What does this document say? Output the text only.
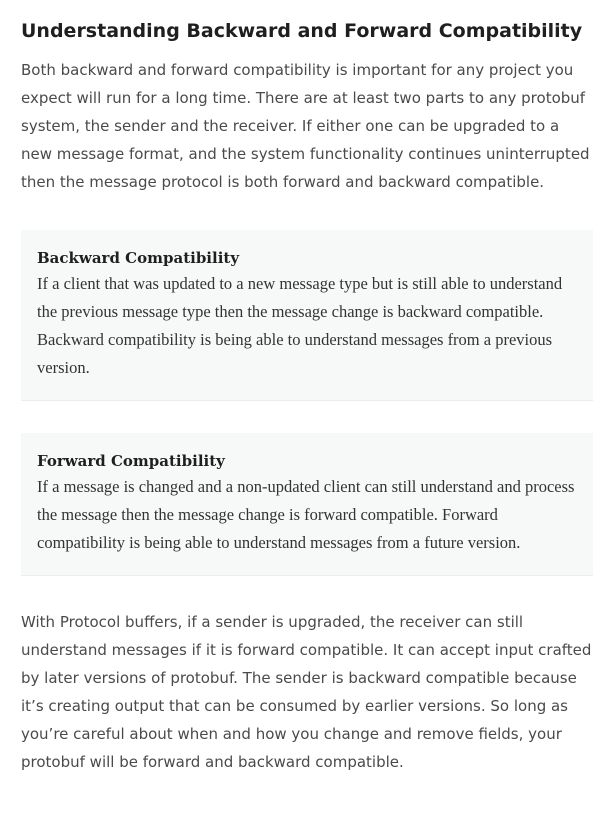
Understanding Backward and Forward Compatibility

Both backward and forward compatibility is important for any project you expect will run for a long time. There are at least two parts to any protobuf system, the sender and the receiver. If either one can be upgraded to a new message format, and the system functionality continues uninterrupted then the message protocol is both forward and backward compatible.

Backward Compatibility

If a client that was updated to a new message type but is still able to understand the previous message type then the message change is backward compatible. Backward compatibility is being able to understand messages from a previous version.

Forward Compatibility

If a message is changed and a non-updated client can still understand and process the message then the message change is forward compatible. Forward compatibility is being able to understand messages from a future version.

With Protocol buffers, if a sender is upgraded, the receiver can still understand messages if it is forward compatible. It can accept input crafted by later versions of protobuf. The sender is backward compatible because it’s creating output that can be consumed by earlier versions. So long as you’re careful about when and how you change and remove fields, your protobuf will be forward and backward compatible.
